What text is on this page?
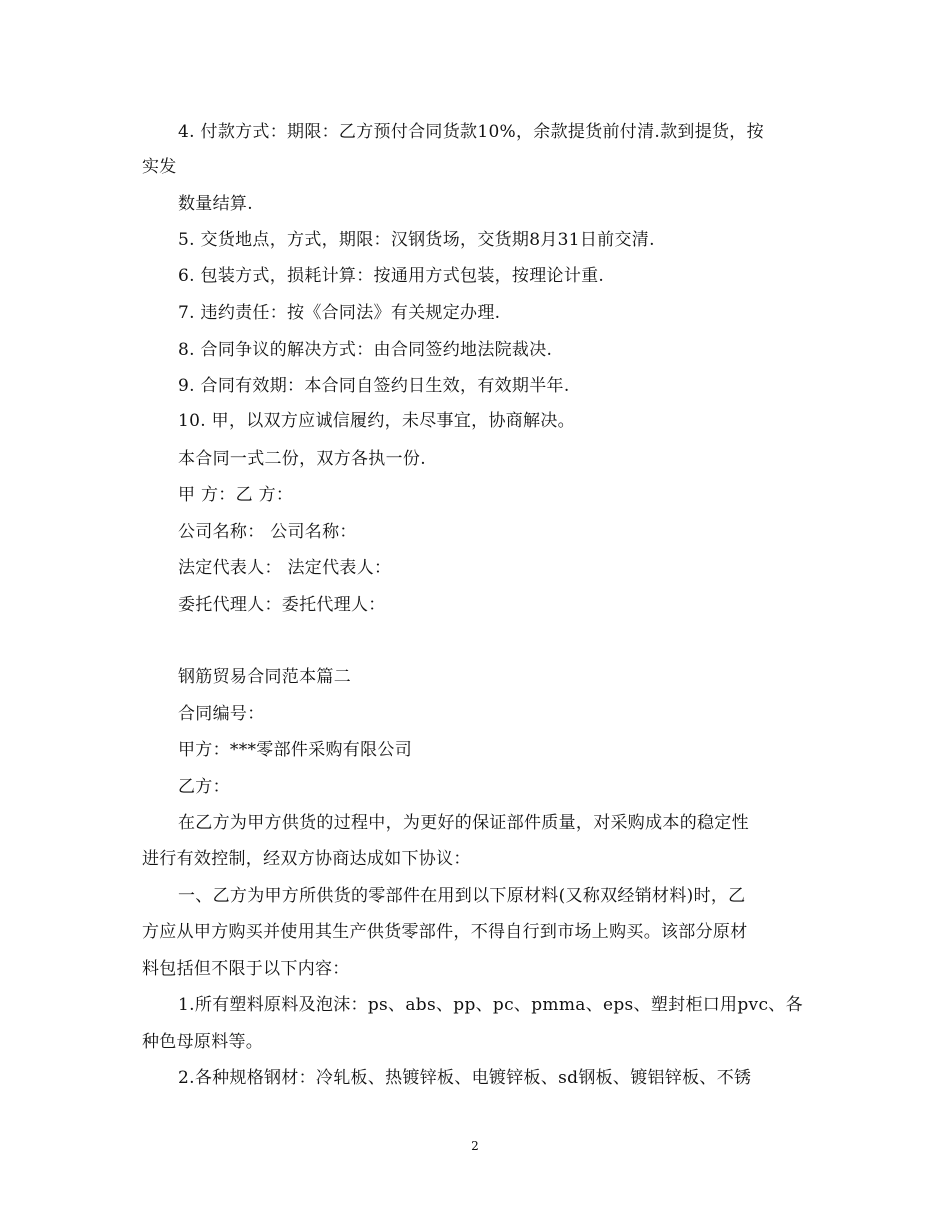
4. 付款方式：期限：乙方预付合同货款10%，余款提货前付清.款到提货，按
实发
数量结算.
5. 交货地点，方式，期限：汉钢货场，交货期8月31日前交清.
6. 包装方式，损耗计算：按通用方式包装，按理论计重.
7. 违约责任：按《合同法》有关规定办理.
8. 合同争议的解决方式：由合同签约地法院裁决.
9. 合同有效期：本合同自签约日生效，有效期半年.
10. 甲，以双方应诚信履约，未尽事宜，协商解决。
本合同一式二份，双方各执一份.
甲 方：乙 方：
公司名称： 公司名称：
法定代表人： 法定代表人：
委托代理人：委托代理人：
钢筋贸易合同范本篇二
合同编号：
甲方：***零部件采购有限公司
乙方：
在乙方为甲方供货的过程中，为更好的保证部件质量，对采购成本的稳定性
进行有效控制，经双方协商达成如下协议：
一、乙方为甲方所供货的零部件在用到以下原材料(又称双经销材料)时，乙
方应从甲方购买并使用其生产供货零部件，不得自行到市场上购买。该部分原材
料包括但不限于以下内容：
1.所有塑料原料及泡沫：ps、abs、pp、pc、pmma、eps、塑封柜口用pvc、各
种色母原料等。
2.各种规格钢材：冷轧板、热镀锌板、电镀锌板、sd钢板、镀铝锌板、不锈
2
